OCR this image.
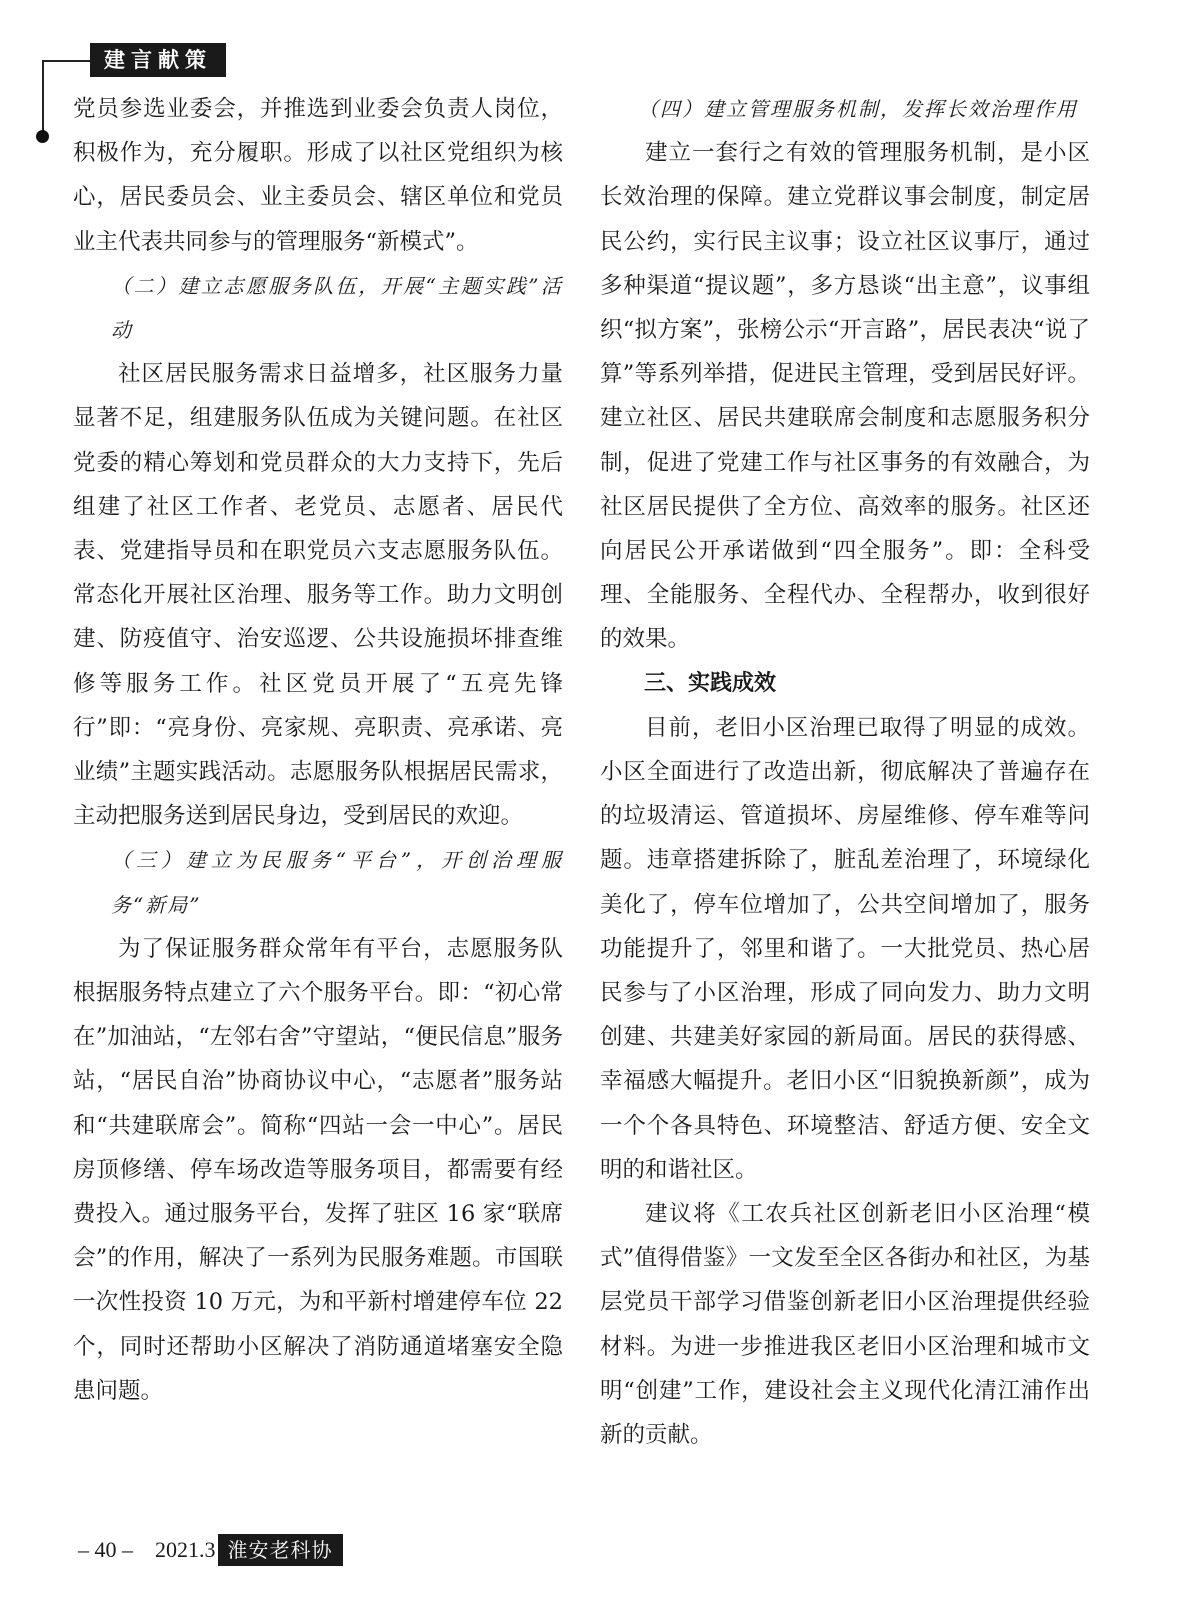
建言献策

党员参选业委会，并推选到业委会负责人岗位，积极作为，充分履职。形成了以社区党组织为核心，居民委员会、业主委员会、辖区单位和党员业主代表共同参与的管理服务“新模式”。

（二）建立志愿服务队伍，开展“主题实践”活动

社区居民服务需求日益增多，社区服务力量显著不足，组建服务队伍成为关键问题。在社区党委的精心筹划和党员群众的大力支持下，先后组建了社区工作者、老党员、志愿者、居民代表、党建指导员和在职党员六支志愿服务队伍。常态化开展社区治理、服务等工作。助力文明创建、防疫值守、治安巡逻、公共设施损坏排查维修等服务工作。社区党员开展了“五亮先锋行”即：“亮身份、亮家规、亮职责、亮承诺、亮业绩”主题实践活动。志愿服务队根据居民需求，主动把服务送到居民身边，受到居民的欢迎。

（三）建立为民服务“平台”，开创治理服务“新局”

为了保证服务群众常年有平台，志愿服务队根据服务特点建立了六个服务平台。即：“初心常在”加油站，“左邻右舍”守望站，“便民信息”服务站，“居民自治”协商协议中心，“志愿者”服务站和“共建联席会”。简称“四站一会一中心”。居民房顶修缮、停车场改造等服务项目，都需要有经费投入。通过服务平台，发挥了驻区 16 家“联席会”的作用，解决了一系列为民服务难题。市国联一次性投资 10 万元，为和平新村增建停车位 22 个，同时还帮助小区解决了消防通道堵塞安全隐患问题。

（四）建立管理服务机制，发挥长效治理作用

建立一套行之有效的管理服务机制，是小区长效治理的保障。建立党群议事会制度，制定居民公约，实行民主议事；设立社区议事厅，通过多种渠道“提议题”，多方恳谈“出主意”，议事组织“拟方案”，张榜公示“开言路”，居民表决“说了算”等系列举措，促进民主管理，受到居民好评。建立社区、居民共建联席会制度和志愿服务积分制，促进了党建工作与社区事务的有效融合，为社区居民提供了全方位、高效率的服务。社区还向居民公开承诺做到“四全服务”。即：全科受理、全能服务、全程代办、全程帮办，收到很好的效果。

三、实践成效

目前，老旧小区治理已取得了明显的成效。小区全面进行了改造出新，彻底解决了普遍存在的垃圾清运、管道损坏、房屋维修、停车难等问题。违章搭建拆除了，脏乱差治理了，环境绿化美化了，停车位增加了，公共空间增加了，服务功能提升了，邻里和谐了。一大批党员、热心居民参与了小区治理，形成了同向发力、助力文明创建、共建美好家园的新局面。居民的获得感、幸福感大幅提升。老旧小区“旧貌换新颜”，成为一个个各具特色、环境整洁、舒适方便、安全文明的和谐社区。

建议将《工农兵社区创新老旧小区治理“模式”值得借鉴》一文发至全区各街办和社区，为基层党员干部学习借鉴创新老旧小区治理提供经验材料。为进一步推进我区老旧小区治理和城市文明“创建”工作，建设社会主义现代化清江浦作出新的贡献。

– 40 – 2021.3 淮安老科协
